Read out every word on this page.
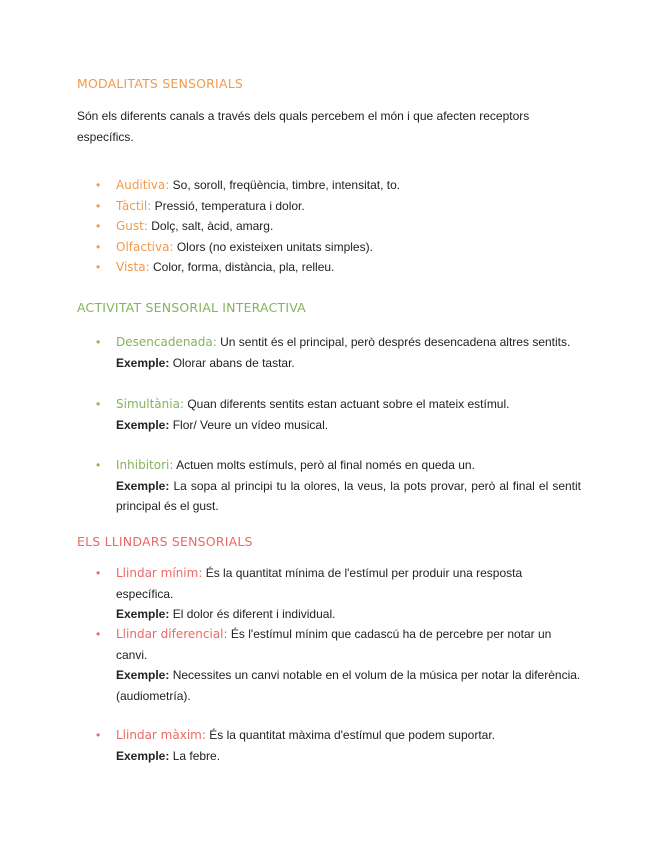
MODALITATS SENSORIALS
Són els diferents canals a través dels quals percebem el món i que afecten receptors específics.
• Auditiva: So, soroll, freqüència, timbre, intensitat, to.
• Tàctil: Pressió, temperatura i dolor.
• Gust: Dolç, salt, àcid, amarg.
• Olfactiva: Olors (no existeixen unitats simples).
• Vista: Color, forma, distància, pla, relleu.
ACTIVITAT SENSORIAL INTERACTIVA
• Desencadenada: Un sentit és el principal, però després desencadena altres sentits.
Exemple: Olorar abans de tastar.
• Simultània: Quan diferents sentits estan actuant sobre el mateix estímul.
Exemple: Flor/ Veure un vídeo musical.
• Inhibitori: Actuen molts estímuls, però al final només en queda un.
Exemple: La sopa al principi tu la olores, la veus, la pots provar, però al final el sentit principal és el gust.
ELS LLINDARS SENSORIALS
• Llindar mínim: És la quantitat mínima de l'estímul per produir una resposta específica.
Exemple: El dolor és diferent i individual.
• Llindar diferencial: És l'estímul mínim que cadascú ha de percebre per notar un canvi.
Exemple: Necessites un canvi notable en el volum de la música per notar la diferència. (audiometría).
• Llindar màxim: És la quantitat màxima d'estímul que podem suportar.
Exemple: La febre.
